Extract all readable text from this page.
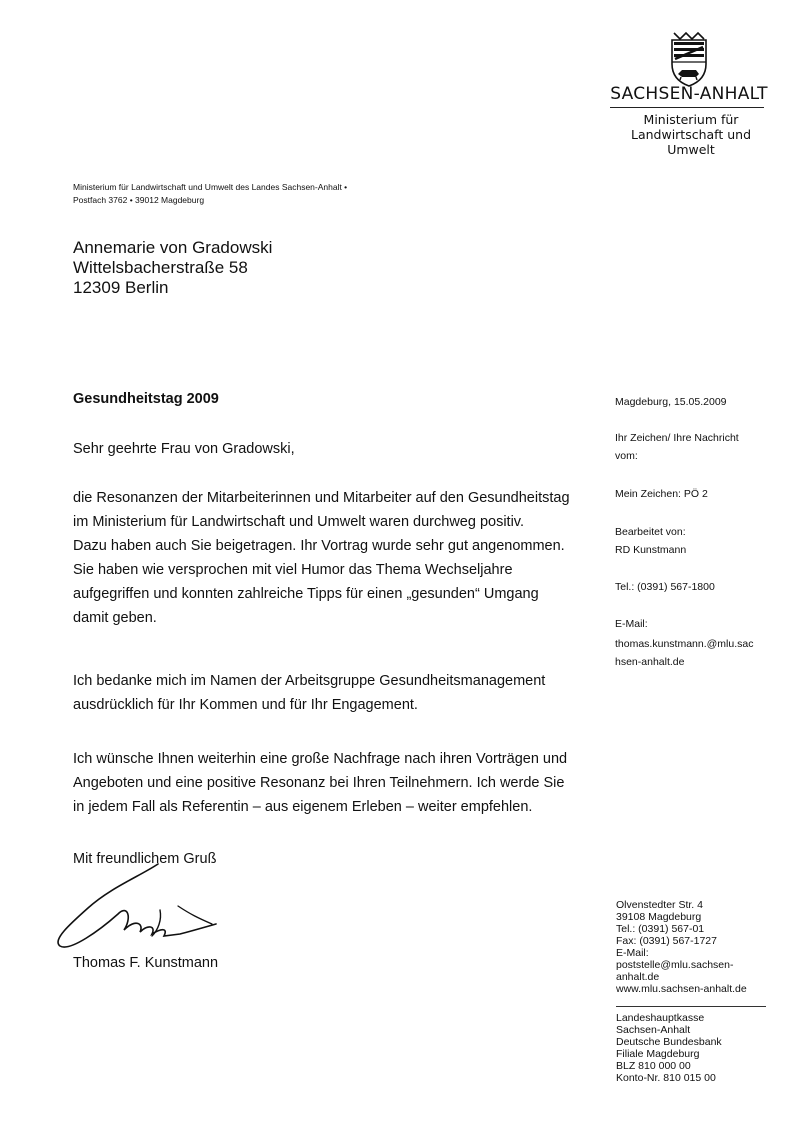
SACHSEN-ANHALT
Ministerium für
Landwirtschaft und Umwelt
Ministerium für Landwirtschaft und Umwelt des Landes Sachsen-Anhalt •
Postfach 3762 • 39012 Magdeburg
Annemarie von Gradowski
Wittelsbacherstraße 58
12309 Berlin
Gesundheitstag 2009
Sehr geehrte Frau von Gradowski,
die Resonanzen der Mitarbeiterinnen und Mitarbeiter auf den Gesundheitstag
im Ministerium für Landwirtschaft und Umwelt waren durchweg positiv.
Dazu haben auch Sie beigetragen. Ihr Vortrag wurde sehr gut angenommen.
Sie haben wie versprochen mit viel Humor das Thema Wechseljahre
aufgegriffen und konnten zahlreiche Tipps für einen „gesunden“ Umgang
damit geben.
Ich bedanke mich im Namen der Arbeitsgruppe Gesundheitsmanagement
ausdrücklich für Ihr Kommen und für Ihr Engagement.
Ich wünsche Ihnen weiterhin eine große Nachfrage nach ihren Vorträgen und
Angeboten und eine positive Resonanz bei Ihren Teilnehmern. Ich werde Sie
in jedem Fall als Referentin – aus eigenem Erleben – weiter empfehlen.
Mit freundlichem Gruß
Thomas F. Kunstmann
Magdeburg, 15.05.2009
Ihr Zeichen/ Ihre Nachricht
vom:
Mein Zeichen: PÖ 2
Bearbeitet von:
RD Kunstmann
Tel.: (0391) 567-1800
E-Mail:
thomas.kunstmann.@mlu.sac
hsen-anhalt.de
Olvenstedter Str. 4
39108 Magdeburg
Tel.: (0391) 567-01
Fax: (0391) 567-1727
E-Mail:
poststelle@mlu.sachsen-
anhalt.de
www.mlu.sachsen-anhalt.de
Landeshauptkasse
Sachsen-Anhalt
Deutsche Bundesbank
Filiale Magdeburg
BLZ 810 000 00
Konto-Nr. 810 015 00
